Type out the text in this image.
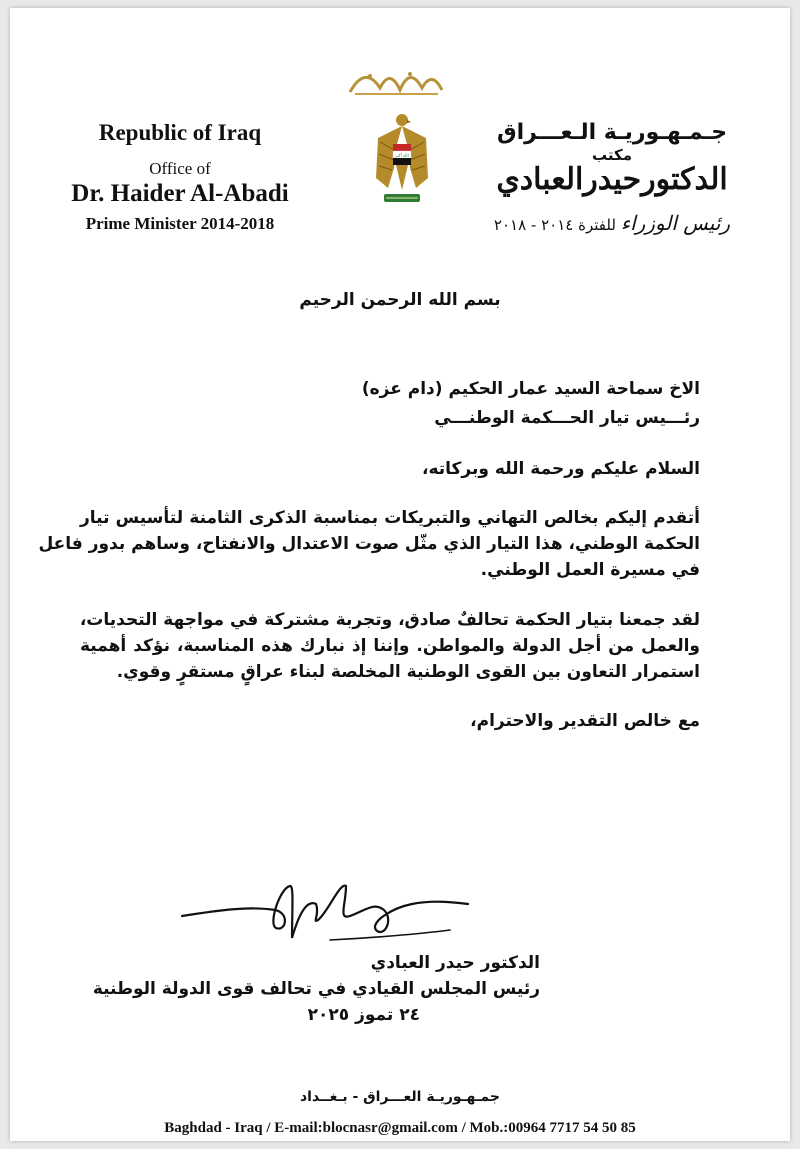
Republic of Iraq
Office of
Dr. Haider Al-Abadi
Prime Minister 2014-2018
الله أكبر
جـمـهـوريـة الـعـــراق
مكتب
الدكتورحيدرالعبادي
رئيس الوزراء للفترة ٢٠١٤ - ٢٠١٨
بسم الله الرحمن الرحيم
الاخ سماحة السيد عمار الحكيم (دام عزه)
رئـــيس تيار الحـــكمة الوطنـــي
السلام عليكم ورحمة الله وبركاته،
أتقدم إليكم بخالص التهاني والتبريكات بمناسبة الذكرى الثامنة لتأسيس تيار
الحكمة الوطني، هذا التيار الذي مثّل صوت الاعتدال والانفتاح، وساهم بدور فاعل
في مسيرة العمل الوطني.
لقد جمعنا بتيار الحكمة تحالفٌ صادق، وتجربة مشتركة في مواجهة التحديات،
والعمل من أجل الدولة والمواطن. وإننا إذ نبارك هذه المناسبة، نؤكد أهمية
استمرار التعاون بين القوى الوطنية المخلصة لبناء عراقٍ مستقرٍ وقوي.
مع خالص التقدير والاحترام،
الدكتور حيدر العبادي
رئيس المجلس القيادي في تحالف قوى الدولة الوطنية
٢٤ تموز ٢٠٢٥
جمـهـوريـة العـــراق - بـغــداد
Baghdad - Iraq / E-mail:blocnasr@gmail.com / Mob.:00964 7717 54 50 85
